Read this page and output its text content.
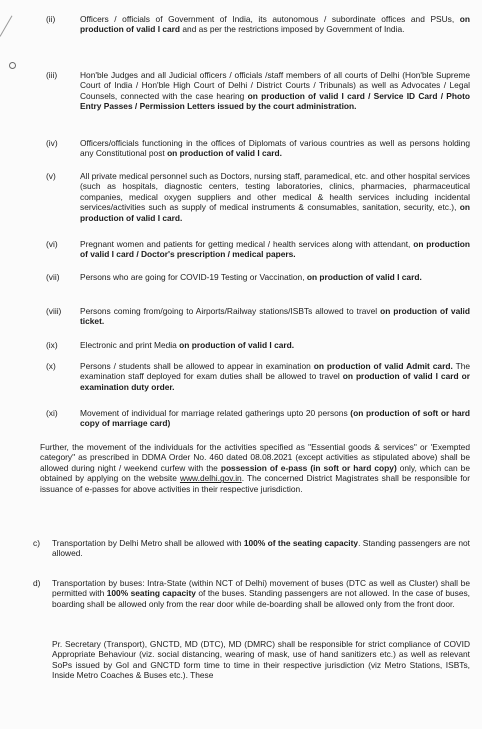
(ii)	Officers / officials of Government of India, its autonomous / subordinate offices and PSUs, on production of valid I card and as per the restrictions imposed by Government of India.
(iii)	Hon'ble Judges and all Judicial officers / officials /staff members of all courts of Delhi (Hon'ble Supreme Court of India / Hon'ble High Court of Delhi / District Courts / Tribunals) as well as Advocates / Legal Counsels, connected with the case hearing on production of valid I card / Service ID Card / Photo Entry Passes / Permission Letters issued by the court administration.
(iv)	Officers/officials functioning in the offices of Diplomats of various countries as well as persons holding any Constitutional post on production of valid I card.
(v)	All private medical personnel such as Doctors, nursing staff, paramedical, etc. and other hospital services (such as hospitals, diagnostic centers, testing laboratories, clinics, pharmacies, pharmaceutical companies, medical oxygen suppliers and other medical & health services including incidental services/activities such as supply of medical instruments & consumables, sanitation, security, etc.), on production of valid I card.
(vi)	Pregnant women and patients for getting medical / health services along with attendant, on production of valid I card / Doctor's prescription / medical papers.
(vii)	Persons who are going for COVID-19 Testing or Vaccination, on production of valid I card.
(viii)	Persons coming from/going to Airports/Railway stations/ISBTs allowed to travel on production of valid ticket.
(ix)	Electronic and print Media on production of valid I card.
(x)	Persons / students shall be allowed to appear in examination on production of valid Admit card. The examination staff deployed for exam duties shall be allowed to travel on production of valid I card or examination duty order.
(xi)	Movement of individual for marriage related gatherings upto 20 persons (on production of soft or hard copy of marriage card)
Further, the movement of the individuals for the activities specified as "Essential goods & services" or 'Exempted category" as prescribed in DDMA Order No. 460 dated 08.08.2021 (except activities as stipulated above) shall be allowed during night / weekend curfew with the possession of e-pass (in soft or hard copy) only, which can be obtained by applying on the website www.delhi.gov.in. The concerned District Magistrates shall be responsible for issuance of e-passes for above activities in their respective jurisdiction.
c) Transportation by Delhi Metro shall be allowed with 100% of the seating capacity. Standing passengers are not allowed.
d) Transportation by buses: Intra-State (within NCT of Delhi) movement of buses (DTC as well as Cluster) shall be permitted with 100% seating capacity of the buses. Standing passengers are not allowed. In the case of buses, boarding shall be allowed only from the rear door while de-boarding shall be allowed only from the front door.
Pr. Secretary (Transport), GNCTD, MD (DTC), MD (DMRC) shall be responsible for strict compliance of COVID Appropriate Behaviour (viz. social distancing, wearing of mask, use of hand sanitizers etc.) as well as relevant SoPs issued by GoI and GNCTD form time to time in their respective jurisdiction (viz Metro Stations, ISBTs, Inside Metro Coaches & Buses etc.). These
